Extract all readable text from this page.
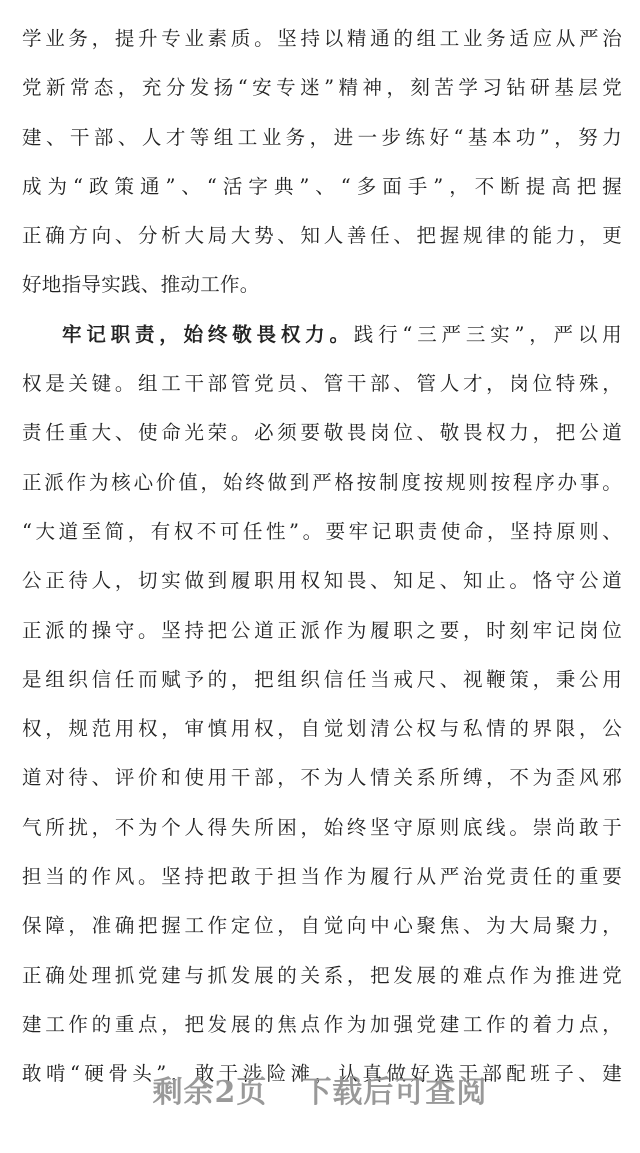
学业务，提升专业素质。坚持以精通的组工业务适应从严治
党新常态，充分发扬“安专迷”精神，刻苦学习钻研基层党
建、干部、人才等组工业务，进一步练好“基本功”，努力
成为“政策通”、“活字典”、“多面手”，不断提高把握
正确方向、分析大局大势、知人善任、把握规律的能力，更
好地指导实践、推动工作。
牢记职责，始终敬畏权力。践行“三严三实”，严以用
权是关键。组工干部管党员、管干部、管人才，岗位特殊，
责任重大、使命光荣。必须要敬畏岗位、敬畏权力，把公道
正派作为核心价值，始终做到严格按制度按规则按程序办事。
“大道至简，有权不可任性”。要牢记职责使命，坚持原则、
公正待人，切实做到履职用权知畏、知足、知止。恪守公道
正派的操守。坚持把公道正派作为履职之要，时刻牢记岗位
是组织信任而赋予的，把组织信任当戒尺、视鞭策，秉公用
权，规范用权，审慎用权，自觉划清公权与私情的界限，公
道对待、评价和使用干部，不为人情关系所缚，不为歪风邪
气所扰，不为个人得失所困，始终坚守原则底线。崇尚敢于
担当的作风。坚持把敢于担当作为履行从严治党责任的重要
保障，准确把握工作定位，自觉向中心聚焦、为大局聚力，
正确处理抓党建与抓发展的关系，把发展的难点作为推进党
建工作的重点，把发展的焦点作为加强党建工作的着力点，
敢啃“硬骨头”，敢于涉险滩，认真做好选干部配班子、建
剩余2页 下载后可查阅
